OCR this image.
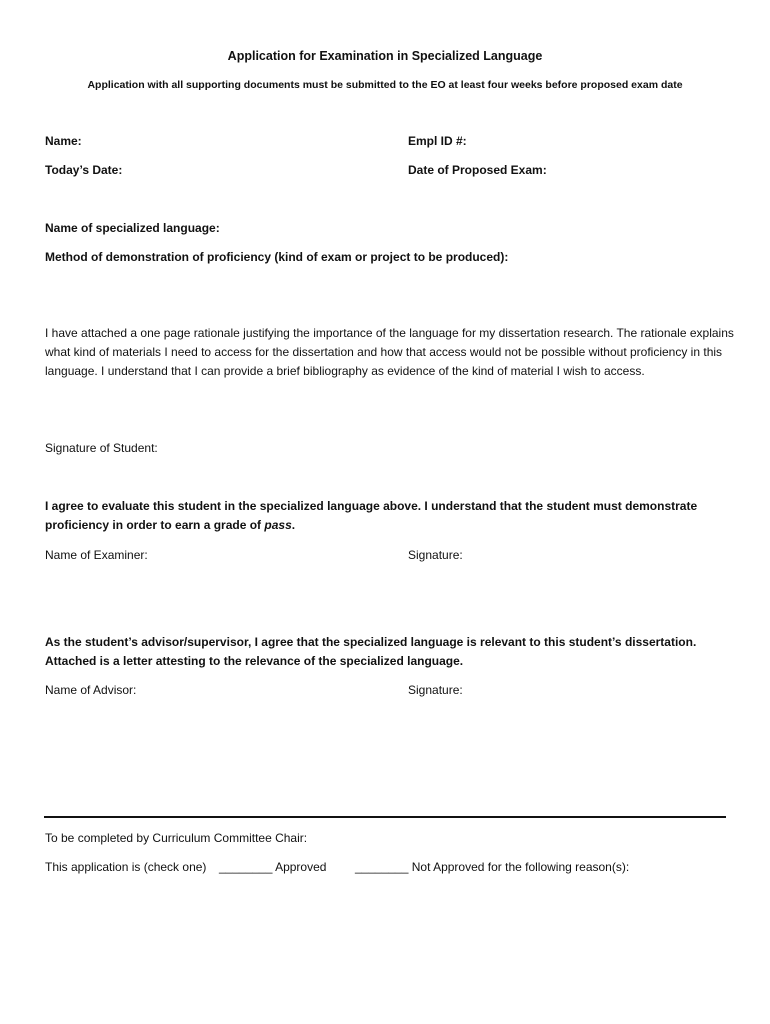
Application for Examination in Specialized Language
Application with all supporting documents must be submitted to the EO at least four weeks before proposed exam date
Name:	Empl ID #:
Today’s Date:	Date of Proposed Exam:
Name of specialized language:
Method of demonstration of proficiency (kind of exam or project to be produced):
I have attached a one page rationale justifying the importance of the language for my dissertation research. The rationale explains what kind of materials I need to access for the dissertation and how that access would not be possible without proficiency in this language. I understand that I can provide a brief bibliography as evidence of the kind of material I wish to access.
Signature of Student:
I agree to evaluate this student in the specialized language above. I understand that the student must demonstrate proficiency in order to earn a grade of pass.
Name of Examiner:	Signature:
As the student’s advisor/supervisor, I agree that the specialized language is relevant to this student’s dissertation. Attached is a letter attesting to the relevance of the specialized language.
Name of Advisor:	Signature:
To be completed by Curriculum Committee Chair:
This application is (check one) ________ Approved ________ Not Approved for the following reason(s):
